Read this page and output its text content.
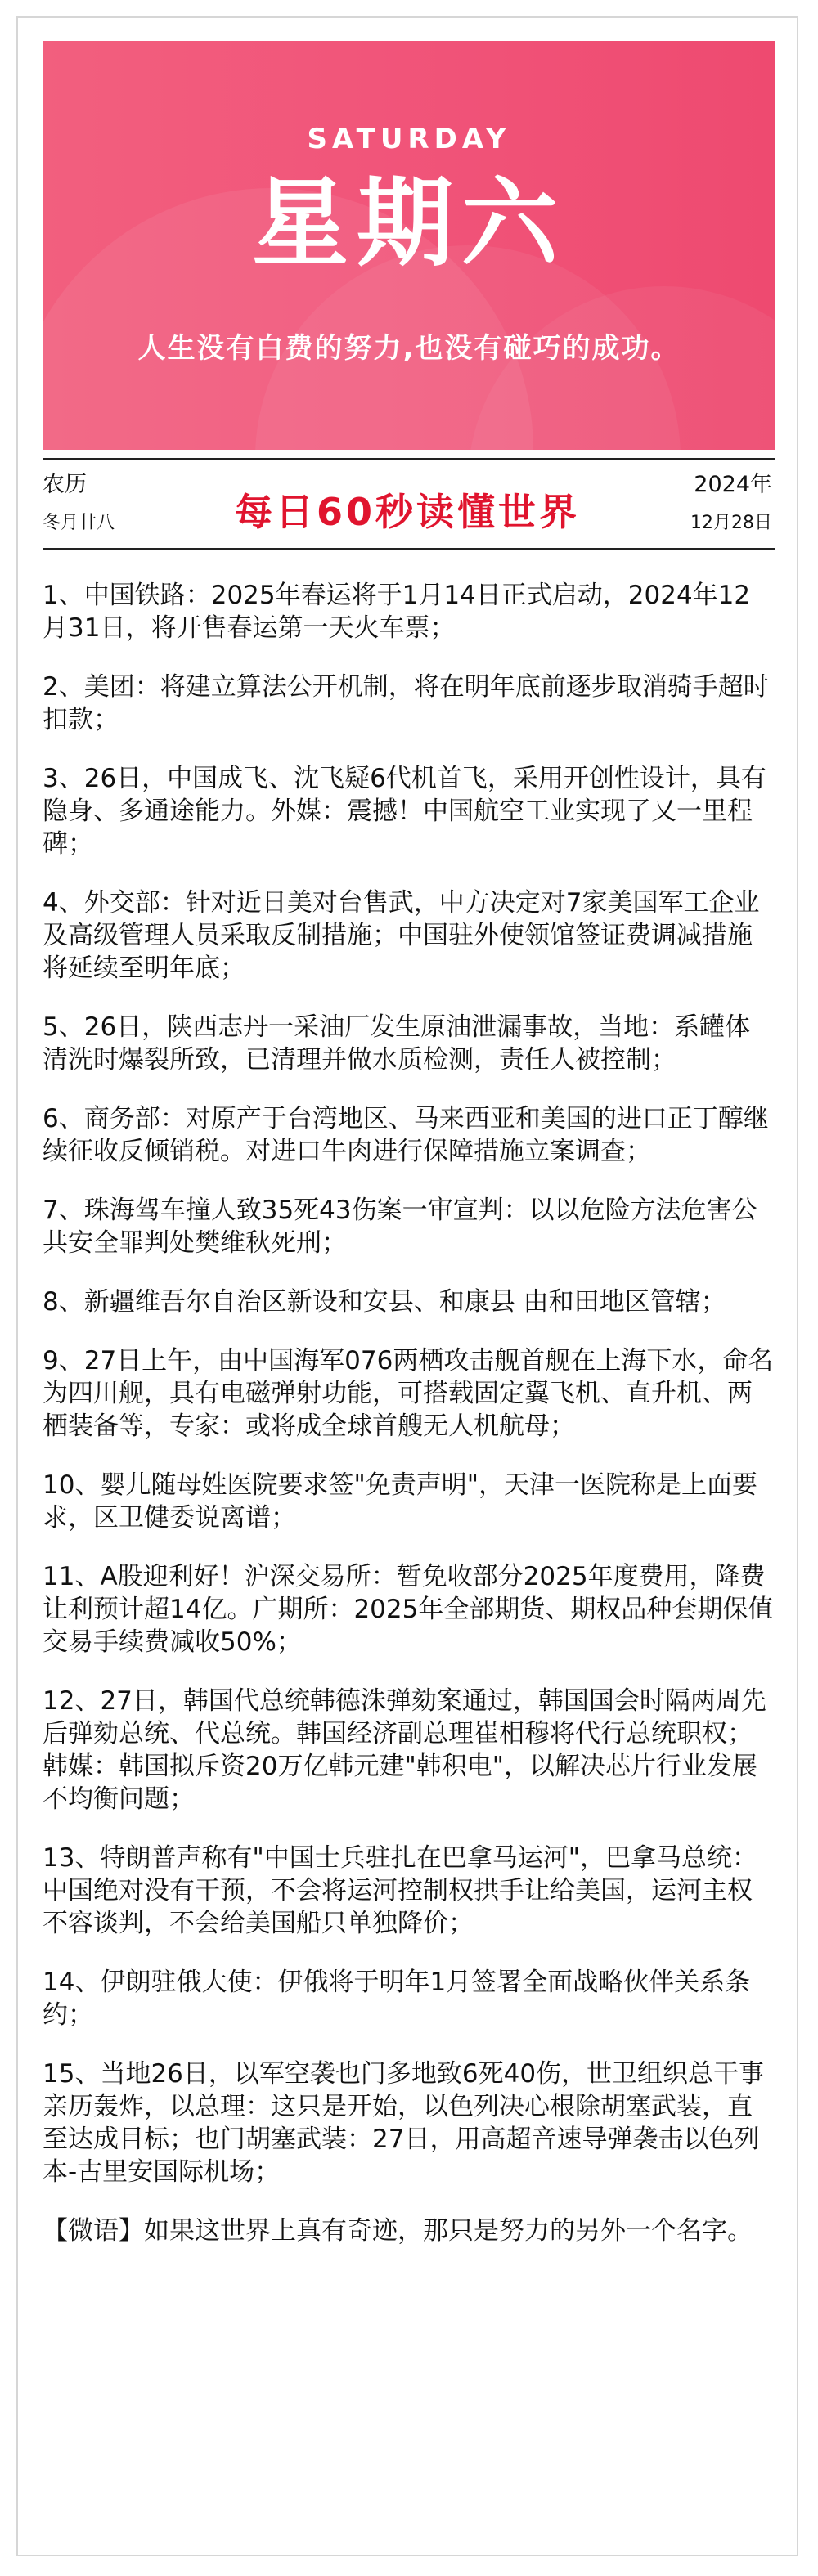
SATURDAY
星期六
人生没有白费的努力,也没有碰巧的成功。
农历
冬月廿八	每日60秒读懂世界
2024年
12月28日
1、中国铁路：2025年春运将于1月14日正式启动，2024年12月31日，将开售春运第一天火车票；
2、美团：将建立算法公开机制，将在明年底前逐步取消骑手超时扣款；
3、26日，中国成飞、沈飞疑6代机首飞，采用开创性设计，具有隐身、多通途能力。外媒：震撼！中国航空工业实现了又一里程碑；
4、外交部：针对近日美对台售武，中方决定对7家美国军工企业及高级管理人员采取反制措施；中国驻外使领馆签证费调减措施将延续至明年底；
5、26日，陕西志丹一采油厂发生原油泄漏事故，当地：系罐体清洗时爆裂所致，已清理并做水质检测，责任人被控制；
6、商务部：对原产于台湾地区、马来西亚和美国的进口正丁醇继续征收反倾销税。对进口牛肉进行保障措施立案调查；
7、珠海驾车撞人致35死43伤案一审宣判：以以危险方法危害公共安全罪判处樊维秋死刑；
8、新疆维吾尔自治区新设和安县、和康县 由和田地区管辖；
9、27日上午，由中国海军076两栖攻击舰首舰在上海下水，命名为四川舰，具有电磁弹射功能，可搭载固定翼飞机、直升机、两栖装备等，专家：或将成全球首艘无人机航母；
10、婴儿随母姓医院要求签"免责声明"，天津一医院称是上面要求，区卫健委说离谱；
11、A股迎利好！沪深交易所：暂免收部分2025年度费用，降费让利预计超14亿。广期所：2025年全部期货、期权品种套期保值交易手续费减收50%；
12、27日，韩国代总统韩德洙弹劾案通过，韩国国会时隔两周先后弹劾总统、代总统。韩国经济副总理崔相穆将代行总统职权；韩媒：韩国拟斥资20万亿韩元建"韩积电"，以解决芯片行业发展不均衡问题；
13、特朗普声称有"中国士兵驻扎在巴拿马运河"，巴拿马总统：中国绝对没有干预，不会将运河控制权拱手让给美国，运河主权不容谈判，不会给美国船只单独降价；
14、伊朗驻俄大使：伊俄将于明年1月签署全面战略伙伴关系条约；
15、当地26日，以军空袭也门多地致6死40伤，世卫组织总干事亲历轰炸，以总理：这只是开始，以色列决心根除胡塞武装，直至达成目标；也门胡塞武装：27日，用高超音速导弹袭击以色列本-古里安国际机场；
【微语】如果这世界上真有奇迹，那只是努力的另外一个名字。
